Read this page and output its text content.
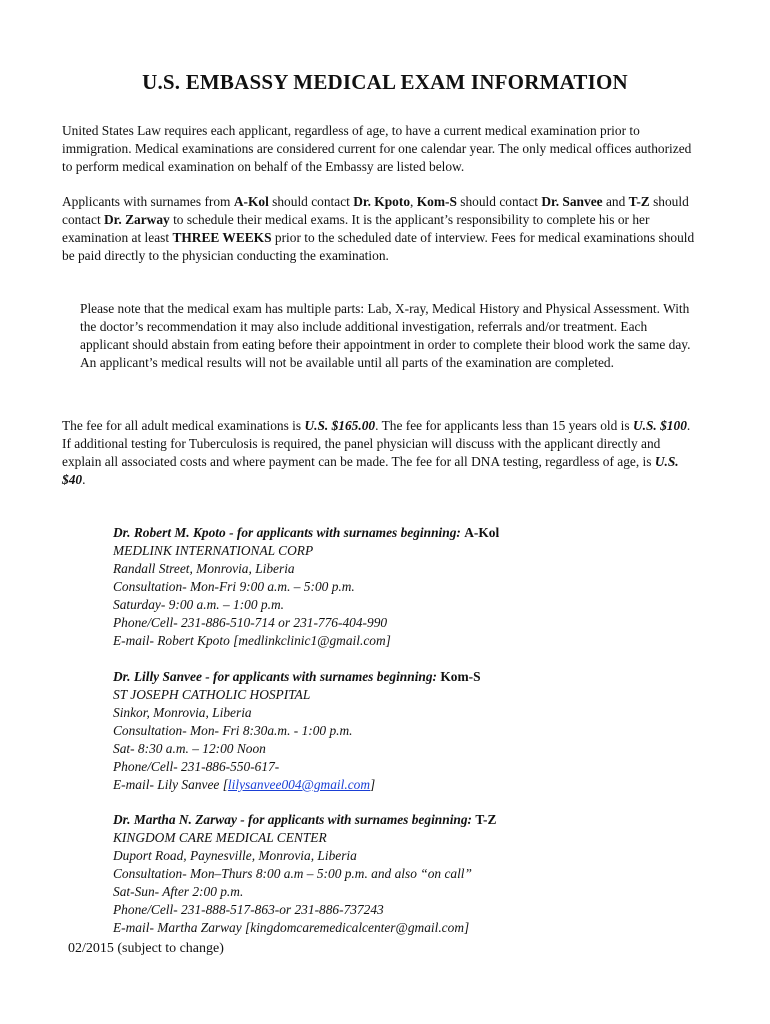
U.S. EMBASSY MEDICAL EXAM INFORMATION

United States Law requires each applicant, regardless of age, to have a current medical examination prior to immigration. Medical examinations are considered current for one calendar year. The only medical offices authorized to perform medical examination on behalf of the Embassy are listed below.

Applicants with surnames from A-Kol should contact Dr. Kpoto, Kom-S should contact Dr. Sanvee and T-Z should contact Dr. Zarway to schedule their medical exams. It is the applicant’s responsibility to complete his or her examination at least THREE WEEKS prior to the scheduled date of interview. Fees for medical examinations should be paid directly to the physician conducting the examination.

Please note that the medical exam has multiple parts: Lab, X-ray, Medical History and Physical Assessment. With the doctor’s recommendation it may also include additional investigation, referrals and/or treatment. Each applicant should abstain from eating before their appointment in order to complete their blood work the same day. An applicant’s medical results will not be available until all parts of the examination are completed.

The fee for all adult medical examinations is U.S. $165.00. The fee for applicants less than 15 years old is U.S. $100. If additional testing for Tuberculosis is required, the panel physician will discuss with the applicant directly and explain all associated costs and where payment can be made. The fee for all DNA testing, regardless of age, is U.S. $40.

Dr. Robert M. Kpoto - for applicants with surnames beginning: A-Kol
MEDLINK INTERNATIONAL CORP
Randall Street, Monrovia, Liberia
Consultation- Mon-Fri 9:00 a.m. – 5:00 p.m.
Saturday- 9:00 a.m. – 1:00 p.m.
Phone/Cell- 231-886-510-714 or 231-776-404-990
E-mail- Robert Kpoto [medlinkclinic1@gmail.com]
Dr. Lilly Sanvee - for applicants with surnames beginning: Kom-S
ST JOSEPH CATHOLIC HOSPITAL
Sinkor, Monrovia, Liberia
Consultation- Mon- Fri 8:30a.m. - 1:00 p.m.
Sat- 8:30 a.m. – 12:00 Noon
Phone/Cell- 231-886-550-617-
E-mail- Lily Sanvee [lilysanvee004@gmail.com]
Dr. Martha N. Zarway - for applicants with surnames beginning: T-Z
KINGDOM CARE MEDICAL CENTER
Duport Road, Paynesville, Monrovia, Liberia
Consultation- Mon–Thurs 8:00 a.m – 5:00 p.m. and also “on call”
Sat-Sun- After 2:00 p.m.
Phone/Cell- 231-888-517-863-or 231-886-737243
E-mail- Martha Zarway [kingdomcaremedicalcenter@gmail.com]
02/2015 (subject to change)
